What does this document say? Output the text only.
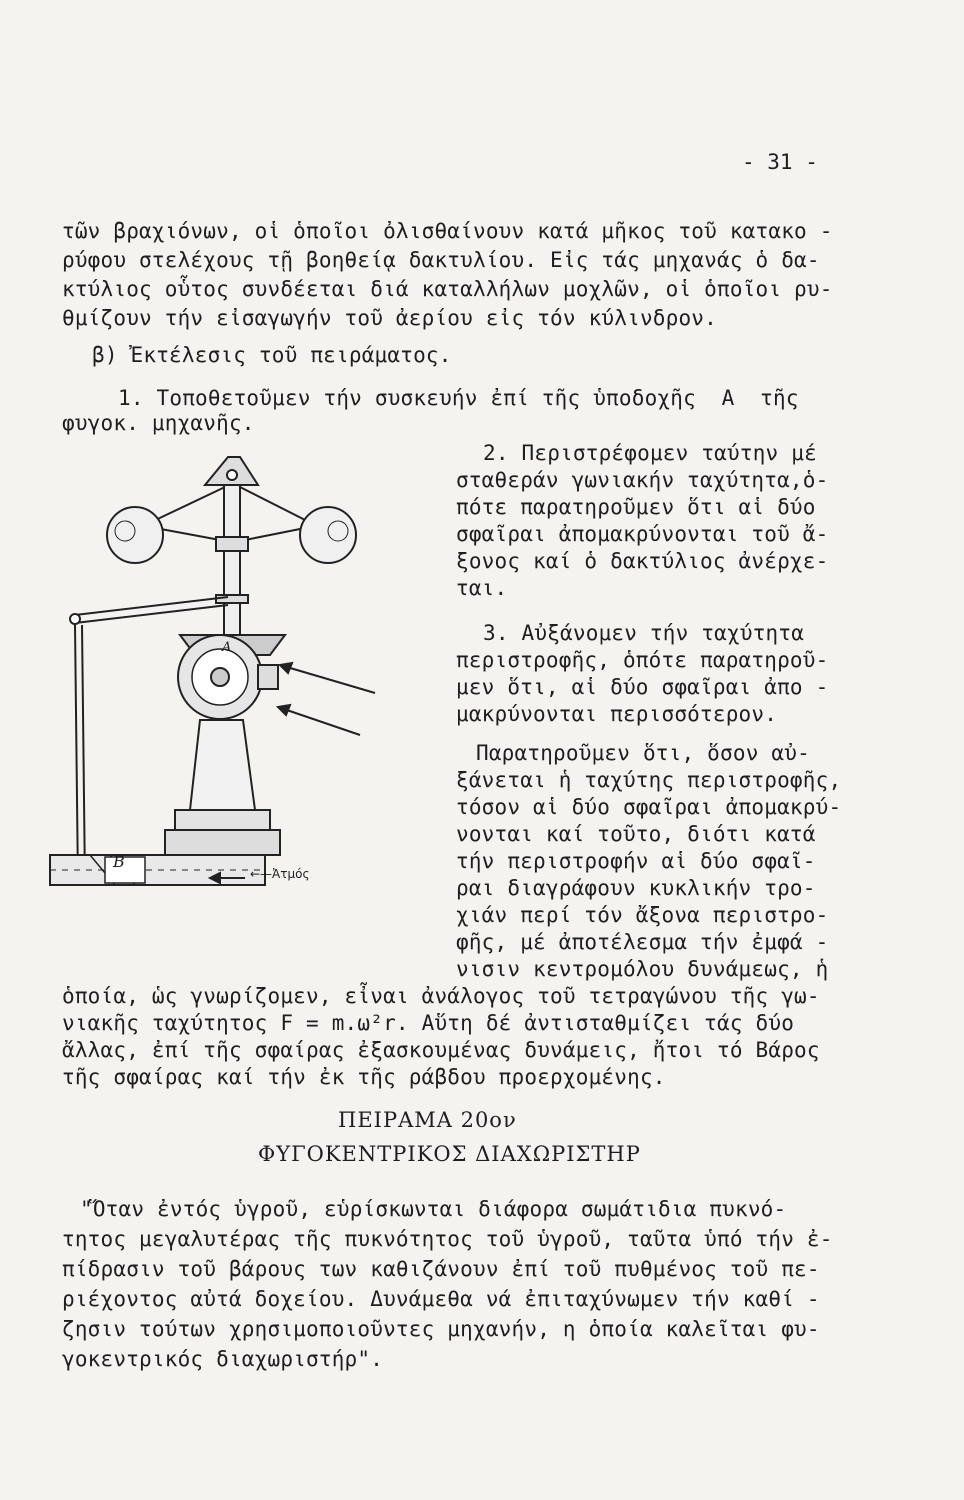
- 31 -
τῶν βραχιόνων, οἱ ὁποῖοι ὀλισθαίνουν κατά μῆκος τοῦ κατακο -
ρύφου στελέχους τῇ βοηθείᾳ δακτυλίου. Εἰς τάς μηχανάς ὁ δα-
κτύλιος οὗτος συνδέεται διά καταλλήλων μοχλῶν, οἱ ὁποῖοι ρυ-
θμίζουν τήν εἰσαγωγήν τοῦ ἀερίου εἰς τόν κύλινδρον.
β) Ἐκτέλεσις τοῦ πειράματος.
1. Τοποθετοῦμεν τήν συσκευήν ἐπί τῆς ὑποδοχῆς  Α  τῆς
φυγοκ. μηχανῆς.
2. Περιστρέφομεν ταύτην μέ
σταθεράν γωνιακήν ταχύτητα,ὁ-
πότε παρατηροῦμεν ὅτι αἱ δύο
σφαῖραι ἀπομακρύνονται τοῦ ἄ-
ξονος καί ὁ δακτύλιος ἀνέρχε-
ται.
3. Αὐξάνομεν τήν ταχύτητα
περιστροφῆς, ὁπότε παρατηροῦ-
μεν ὅτι, αἱ δύο σφαῖραι ἀπο -
μακρύνονται περισσότερον.
Παρατηροῦμεν ὅτι, ὅσον αὐ-
ξάνεται ἡ ταχύτης περιστροφῆς,
τόσον αἱ δύο σφαῖραι ἀπομακρύ-
νονται καί τοῦτο, διότι κατά
τήν περιστροφήν αἱ δύο σφαῖ-
ραι διαγράφουν κυκλικήν τρο-
χιάν περί τόν ἄξονα περιστρο-
φῆς, μέ ἀποτέλεσμα τήν ἐμφά -
νισιν κεντρομόλου δυνάμεως, ἡ
ὁποία, ὡς γνωρίζομεν, εἶναι ἀνάλογος τοῦ τετραγώνου τῆς γω-
νιακῆς ταχύτητος F = m.ω²r. Αὕτη δέ ἀντισταθμίζει τάς δύο
ἄλλας, ἐπί τῆς σφαίρας ἐξασκουμένας δυνάμεις, ἤτοι τό Βάρος
τῆς σφαίρας καί τήν ἐκ τῆς ράβδου προερχομένης.
ΠΕΙΡΑΜΑ 20ον
ΦΥΓΟΚΕΝΤΡΙΚΟΣ ΔΙΑΧΩΡΙΣΤΗΡ
"Ὅταν ἐντός ὑγροῦ, εὑρίσκωνται διάφορα σωμάτιδια πυκνό-
τητος μεγαλυτέρας τῆς πυκνότητος τοῦ ὑγροῦ, ταῦτα ὑπό τήν ἐ-
πίδρασιν τοῦ βάρους των καθιζάνουν ἐπί τοῦ πυθμένος τοῦ πε-
ριέχοντος αὐτά δοχείου. Δυνάμεθα νά ἐπιταχύνωμεν τήν καθί -
ζησιν τούτων χρησιμοποιοῦντες μηχανήν, η ὁποία καλεῖται φυ-
γοκεντρικός διαχωριστήρ".
Β
Α
←—Ἀτμός
